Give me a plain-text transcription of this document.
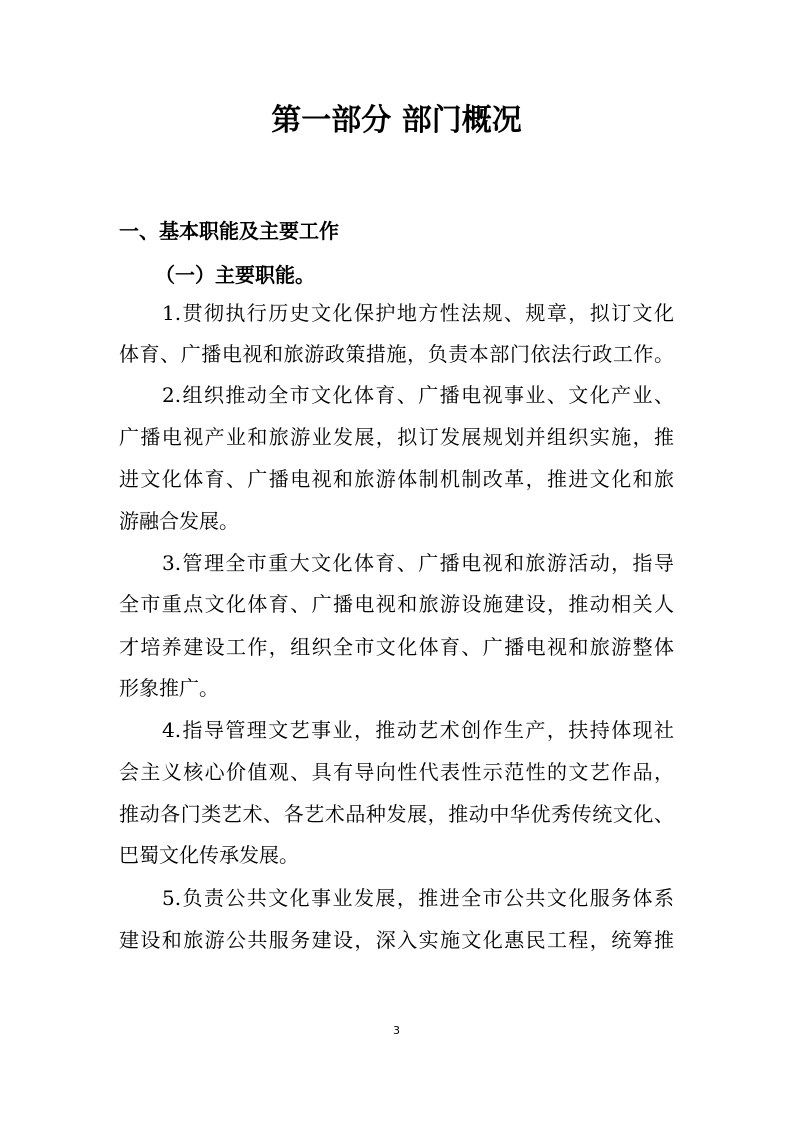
第一部分 部门概况
一、基本职能及主要工作
（一）主要职能。

1.贯彻执行历史文化保护地方性法规、规章，拟订文化

体育、广播电视和旅游政策措施，负责本部门依法行政工作。

2.组织推动全市文化体育、广播电视事业、文化产业、

广播电视产业和旅游业发展，拟订发展规划并组织实施，推

进文化体育、广播电视和旅游体制机制改革，推进文化和旅

游融合发展。

3.管理全市重大文化体育、广播电视和旅游活动，指导

全市重点文化体育、广播电视和旅游设施建设，推动相关人

才培养建设工作，组织全市文化体育、广播电视和旅游整体

形象推广。

4.指导管理文艺事业，推动艺术创作生产，扶持体现社

会主义核心价值观、具有导向性代表性示范性的文艺作品，

推动各门类艺术、各艺术品种发展，推动中华优秀传统文化、

巴蜀文化传承发展。

5.负责公共文化事业发展，推进全市公共文化服务体系

建设和旅游公共服务建设，深入实施文化惠民工程，统筹推

3
